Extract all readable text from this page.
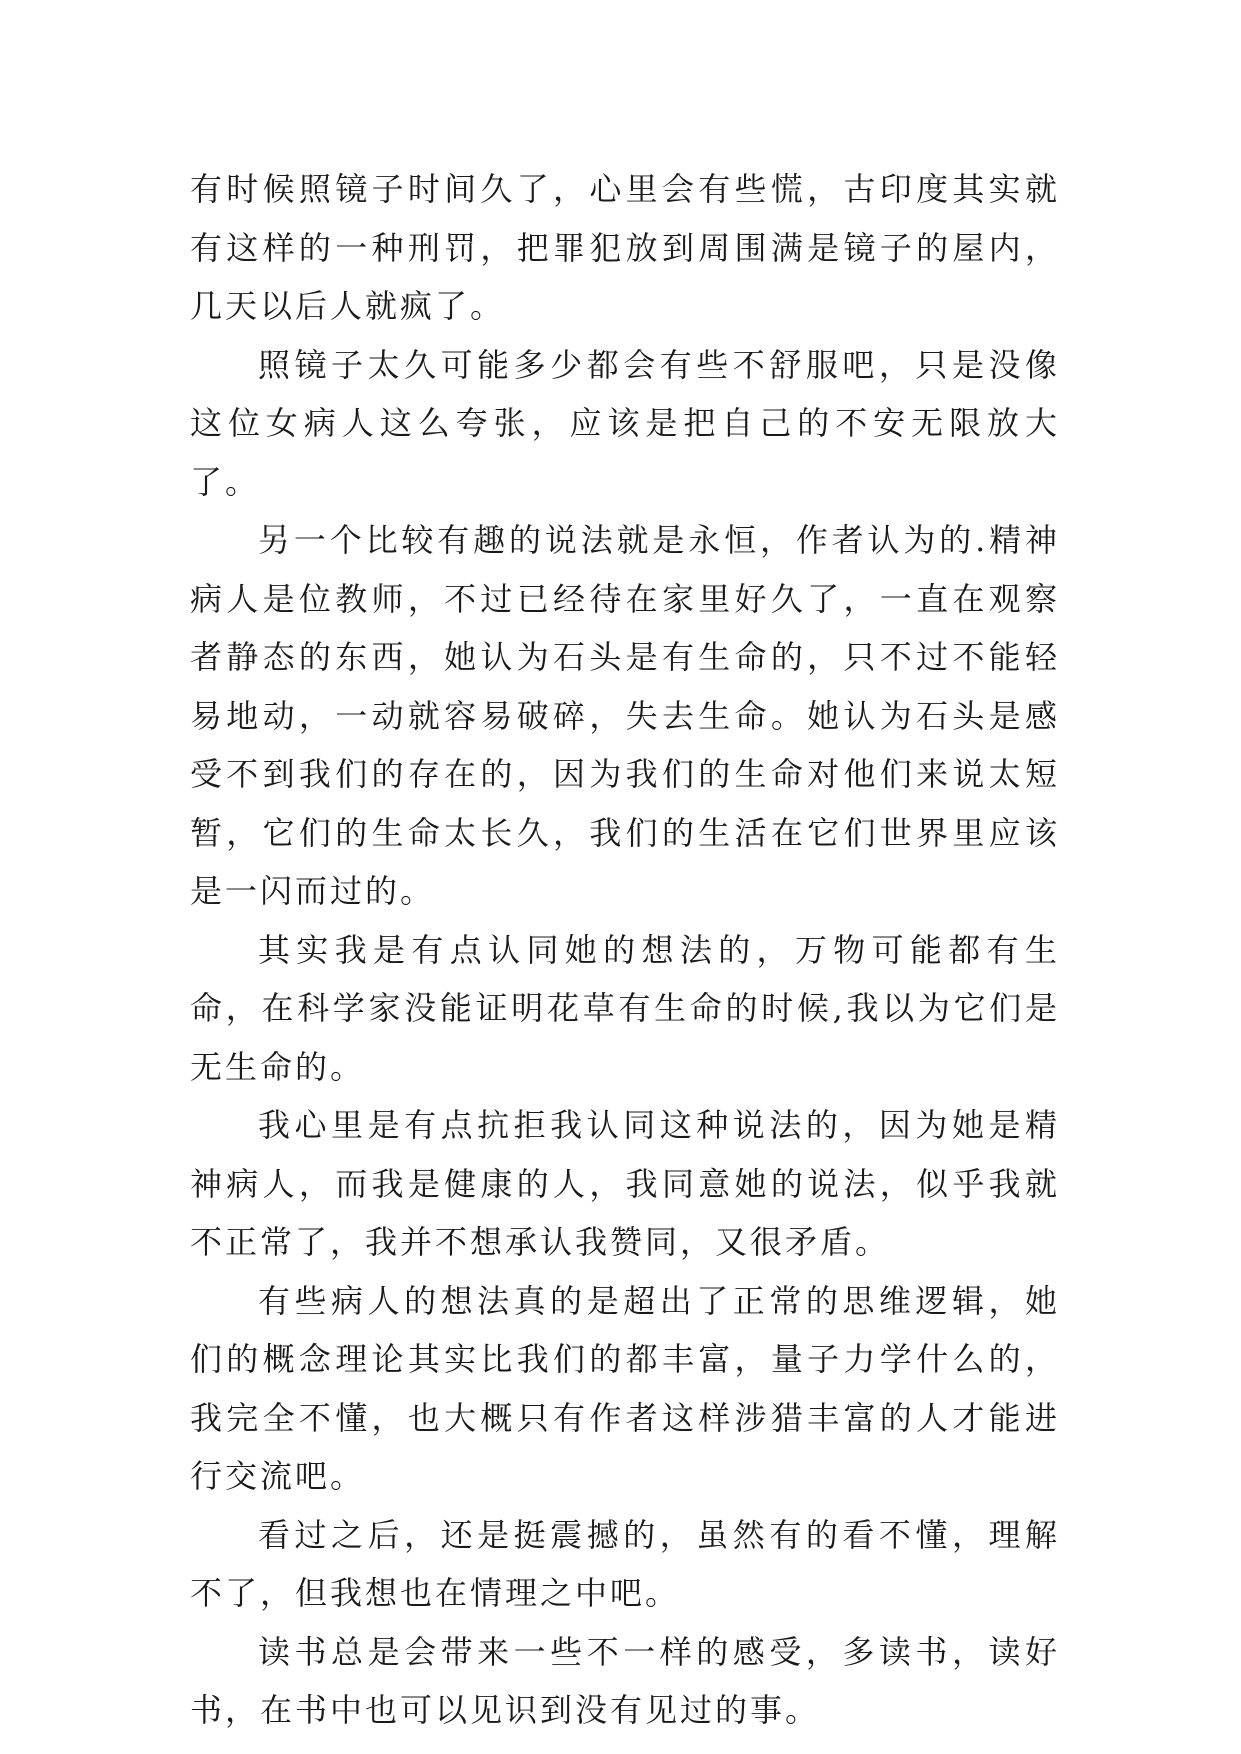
有时候照镜子时间久了，心里会有些慌，古印度其实就有这样的一种刑罚，把罪犯放到周围满是镜子的屋内，几天以后人就疯了。

照镜子太久可能多少都会有些不舒服吧，只是没像这位女病人这么夸张，应该是把自己的不安无限放大了。

另一个比较有趣的说法就是永恒，作者认为的.精神病人是位教师，不过已经待在家里好久了，一直在观察者静态的东西，她认为石头是有生命的，只不过不能轻易地动，一动就容易破碎，失去生命。她认为石头是感受不到我们的存在的，因为我们的生命对他们来说太短暂，它们的生命太长久，我们的生活在它们世界里应该是一闪而过的。

其实我是有点认同她的想法的，万物可能都有生命，在科学家没能证明花草有生命的时候,我以为它们是无生命的。

我心里是有点抗拒我认同这种说法的，因为她是精神病人，而我是健康的人，我同意她的说法，似乎我就不正常了，我并不想承认我赞同，又很矛盾。

有些病人的想法真的是超出了正常的思维逻辑，她们的概念理论其实比我们的都丰富，量子力学什么的，我完全不懂，也大概只有作者这样涉猎丰富的人才能进行交流吧。

看过之后，还是挺震撼的，虽然有的看不懂，理解不了，但我想也在情理之中吧。

读书总是会带来一些不一样的感受，多读书，读好书，在书中也可以见识到没有见过的事。
